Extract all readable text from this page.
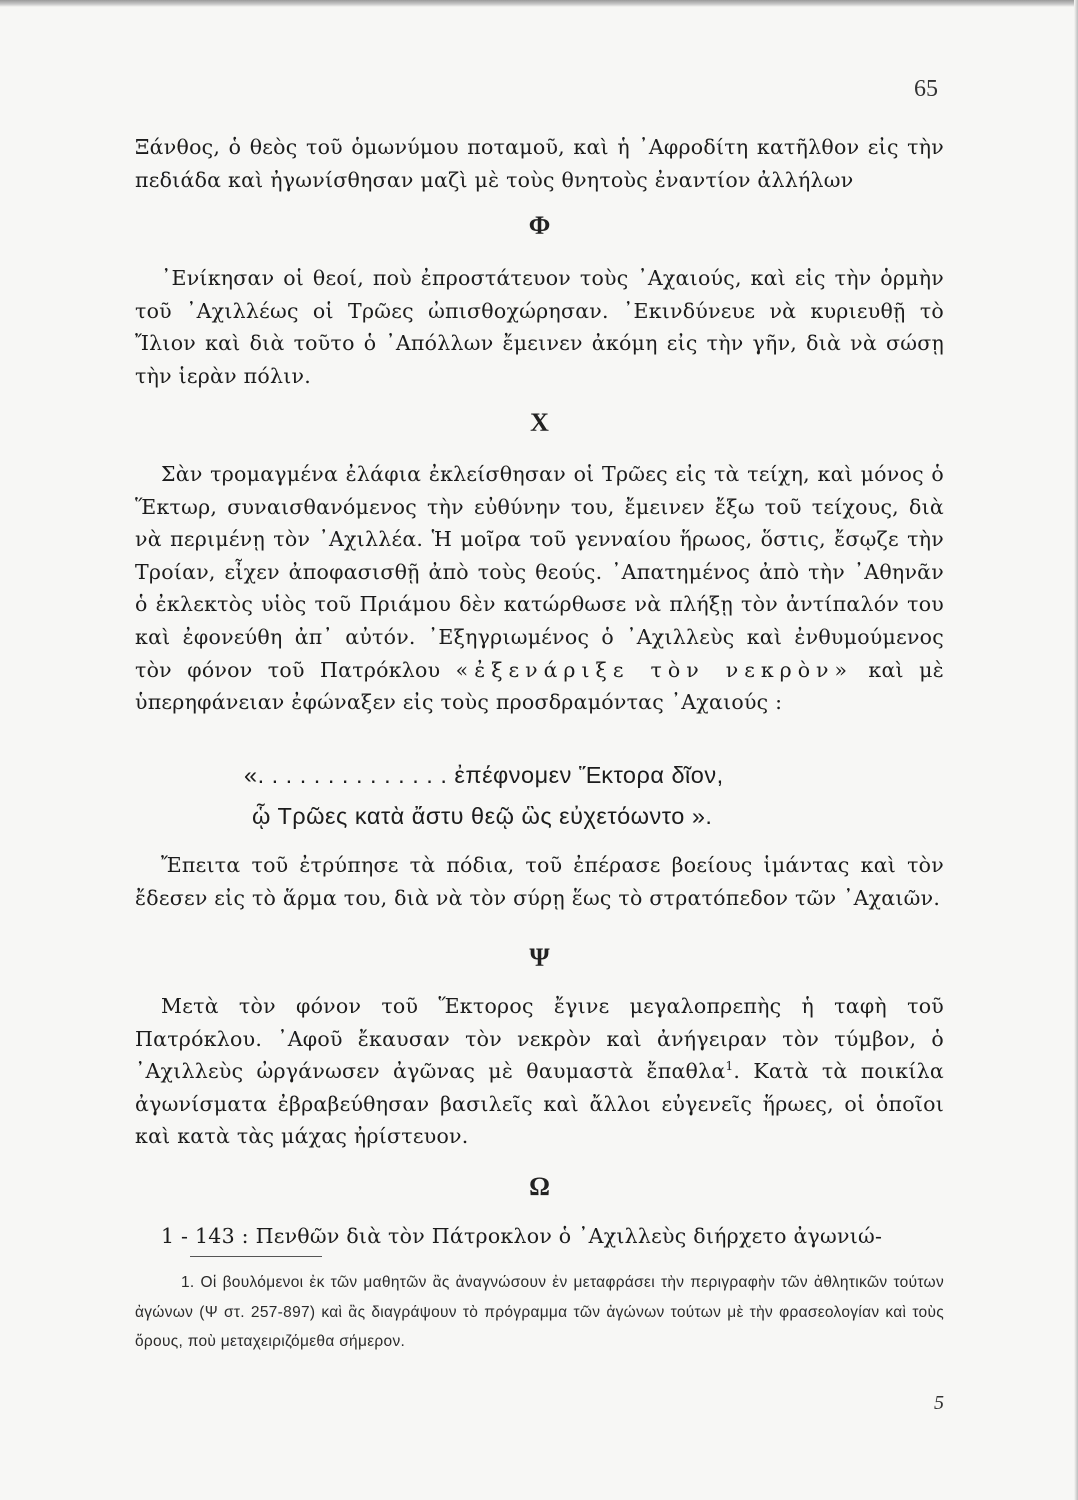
65

Ξάνθος, ὁ θεὸς τοῦ ὁμωνύμου ποταμοῦ, καὶ ἡ ᾿Αφροδίτη κατῆλθον εἰς τὴν πεδιάδα καὶ ἠγωνίσθησαν μαζὶ μὲ τοὺς θνητοὺς ἐναντίον ἀλλήλων

Φ

᾿Ενίκησαν οἱ θεοί, ποὺ ἐπροστάτευον τοὺς ᾿Αχαιούς, καὶ εἰς τὴν ὁρμὴν τοῦ ᾿Αχιλλέως οἱ Τρῶες ὠπισθοχώρησαν. ᾿Εκινδύνευε νὰ κυριευθῇ τὸ Ἴλιον καὶ διὰ τοῦτο ὁ ᾿Απόλλων ἔμεινεν ἀκόμη εἰς τὴν γῆν, διὰ νὰ σώσῃ τὴν ἱερὰν πόλιν.

Χ

Σὰν τρομαγμένα ἐλάφια ἐκλείσθησαν οἱ Τρῶες εἰς τὰ τείχη, καὶ μόνος ὁ Ἕκτωρ, συναισθανόμενος τὴν εὐθύνην του, ἔμεινεν ἔξω τοῦ τείχους, διὰ νὰ περιμένῃ τὸν ᾿Αχιλλέα. Ἡ μοῖρα τοῦ γενναίου ἥρωος, ὅστις, ἔσῳζε τὴν Τροίαν, εἶχεν ἀποφασισθῇ ἀπὸ τοὺς θεούς. ᾿Απατημένος ἀπὸ τὴν ᾿Αθηνᾶν ὁ ἐκλεκτὸς υἱὸς τοῦ Πριάμου δὲν κατώρθωσε νὰ πλήξῃ τὸν ἀντίπαλόν του καὶ ἐφονεύθη ἀπ᾿ αὐτόν. ᾿Εξηγριωμένος ὁ ᾿Αχιλλεὺς καὶ ἐνθυμούμενος τὸν φόνον τοῦ Πατρόκλου «ἐξενάριξε τὸν νεκρὸν» καὶ μὲ ὑπερηφάνειαν ἐφώναξεν εἰς τοὺς προσδραμόντας ᾿Αχαιούς :

«. . . . . . . . . . . . . . ἐπέφνομεν Ἕκτορα δῖον,

ᾧ Τρῶες κατὰ ἄστυ θεῷ ὣς εὐχετόωντο ».

Ἔπειτα τοῦ ἐτρύπησε τὰ πόδια, τοῦ ἐπέρασε βοείους ἱμάντας καὶ τὸν ἔδεσεν εἰς τὸ ἅρμα του, διὰ νὰ τὸν σύρῃ ἕως τὸ στρατόπεδον τῶν ᾿Αχαιῶν.

Ψ

Μετὰ τὸν φόνον τοῦ Ἕκτορος ἔγινε μεγαλοπρεπὴς ἡ ταφὴ τοῦ Πατρόκλου. ᾿Αφοῦ ἔκαυσαν τὸν νεκρὸν καὶ ἀνήγειραν τὸν τύμβον, ὁ ᾿Αχιλλεὺς ὠργάνωσεν ἀγῶνας μὲ θαυμαστὰ ἔπαθλα$^1$. Κατὰ τὰ ποικίλα ἀγωνίσματα ἐβραβεύθησαν βασιλεῖς καὶ ἄλλοι εὐγενεῖς ἥρωες, οἱ ὁποῖοι καὶ κατὰ τὰς μάχας ἠρίστευον.

Ω

1 - 143 : Πενθῶν διὰ τὸν Πάτροκλον ὁ ᾿Αχιλλεὺς διήρχετο ἀγωνιώ-

1. Οἱ βουλόμενοι ἐκ τῶν μαθητῶν ἂς ἀναγνώσουν ἐν μεταφράσει τὴν περιγραφὴν τῶν ἀθλητικῶν τούτων ἀγώνων (Ψ στ. 257-897) καὶ ἂς διαγράψουν τὸ πρόγραμμα τῶν ἀγώνων τούτων μὲ τὴν φρασεολογίαν καὶ τοὺς ὅρους, ποὺ μεταχειριζόμεθα σήμερον.

5
